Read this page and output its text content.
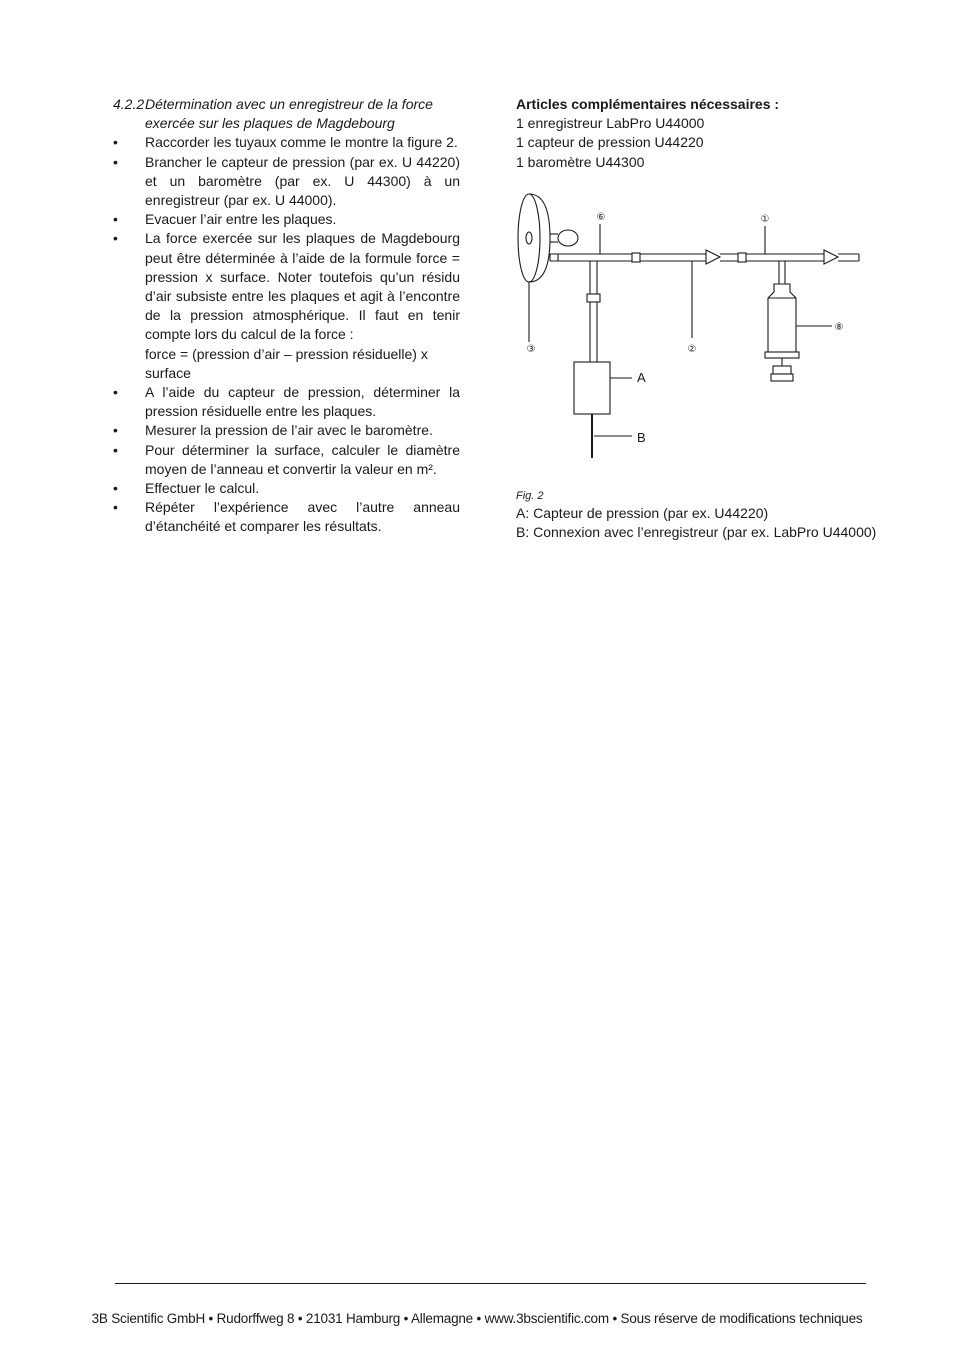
4.2.2 Détermination avec un enregistreur de la force
exercée sur les plaques de Magdebourg
• Raccorder les tuyaux comme le montre la figure 2.
• Brancher le capteur de pression (par ex. U 44220) et un baromètre (par ex. U 44300) à un enregistreur (par ex. U 44000).
• Evacuer l’air entre les plaques.
• La force exercée sur les plaques de Magdebourg peut être déterminée à l’aide de la formule force = pression x surface. Noter toutefois qu’un résidu d’air subsiste entre les plaques et agit à l’encontre de la pression atmosphérique. Il faut en tenir compte lors du calcul de la force :
force = (pression d’air – pression résiduelle) x surface
• A l’aide du capteur de pression, déterminer la pression résiduelle entre les plaques.
• Mesurer la pression de l’air avec le baromètre.
• Pour déterminer la surface, calculer le diamètre moyen de l’anneau et convertir la valeur en m².
• Effectuer le calcul.
• Répéter l’expérience avec l’autre anneau d’étanchéité et comparer les résultats.
Articles complémentaires nécessaires :
1 enregistreur LabPro U44000
1 capteur de pression U44220
1 baromètre U44300
⑥	①
③	②
⑧
A
B
Fig. 2
A: Capteur de pression (par ex. U44220)
B: Connexion avec l’enregistreur (par ex. LabPro U44000)
3B Scientific GmbH • Rudorffweg 8 • 21031 Hamburg • Allemagne • www.3bscientific.com • Sous réserve de modifications techniques
